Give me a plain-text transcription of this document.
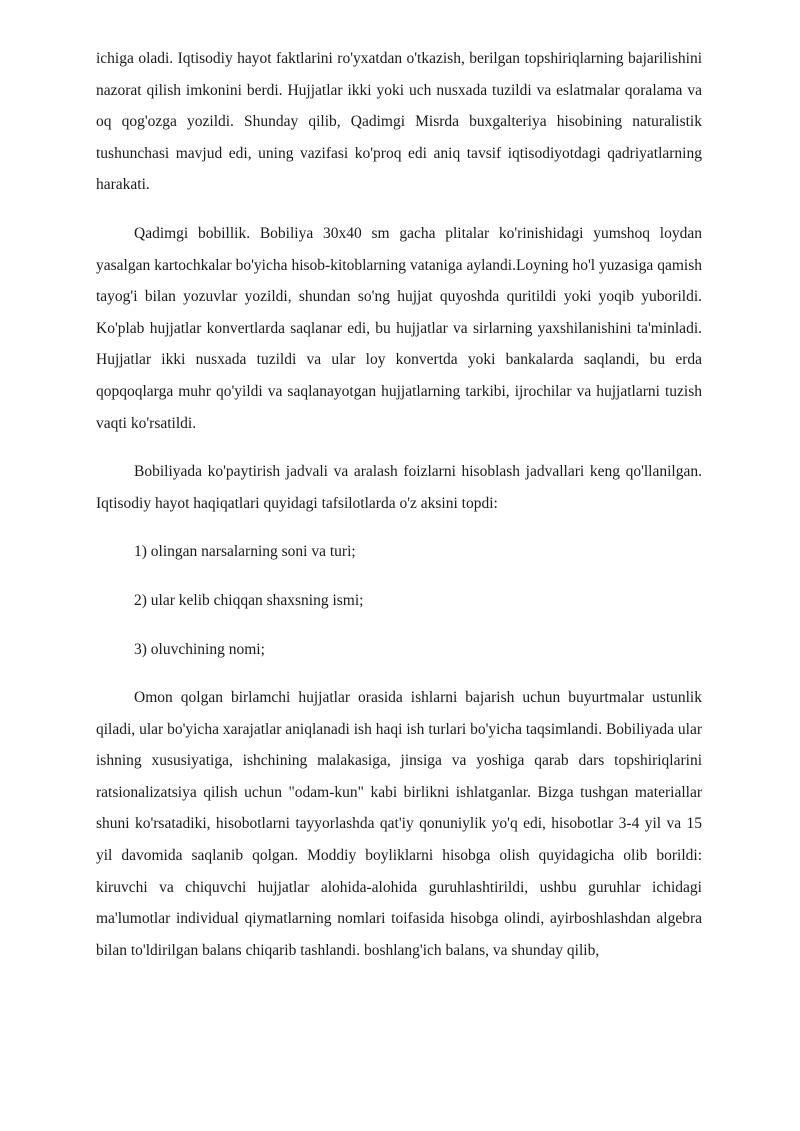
ichiga oladi. Iqtisodiy hayot faktlarini ro'yxatdan o'tkazish, berilgan topshiriqlarning bajarilishini nazorat qilish imkonini berdi. Hujjatlar ikki yoki uch nusxada tuzildi va eslatmalar qoralama va oq qog'ozga yozildi. Shunday qilib, Qadimgi Misrda buxgalteriya hisobining naturalistik tushunchasi mavjud edi, uning vazifasi ko'proq edi aniq tavsif iqtisodiyotdagi qadriyatlarning harakati.

Qadimgi bobillik. Bobiliya 30x40 sm gacha plitalar ko'rinishidagi yumshoq loydan yasalgan kartochkalar bo'yicha hisob-kitoblarning vataniga aylandi.Loyning ho'l yuzasiga qamish tayog'i bilan yozuvlar yozildi, shundan so'ng hujjat quyoshda quritildi yoki yoqib yuborildi. Ko'plab hujjatlar konvertlarda saqlanar edi, bu hujjatlar va sirlarning yaxshilanishini ta'minladi. Hujjatlar ikki nusxada tuzildi va ular loy konvertda yoki bankalarda saqlandi, bu erda qopqoqlarga muhr qo'yildi va saqlanayotgan hujjatlarning tarkibi, ijrochilar va hujjatlarni tuzish vaqti ko'rsatildi.

Bobiliyada ko'paytirish jadvali va aralash foizlarni hisoblash jadvallari keng qo'llanilgan. Iqtisodiy hayot haqiqatlari quyidagi tafsilotlarda o'z aksini topdi:

1) olingan narsalarning soni va turi;

2) ular kelib chiqqan shaxsning ismi;

3) oluvchining nomi;

Omon qolgan birlamchi hujjatlar orasida ishlarni bajarish uchun buyurtmalar ustunlik qiladi, ular bo'yicha xarajatlar aniqlanadi ish haqi ish turlari bo'yicha taqsimlandi. Bobiliyada ular ishning xususiyatiga, ishchining malakasiga, jinsiga va yoshiga qarab dars topshiriqlarini ratsionalizatsiya qilish uchun "odam-kun" kabi birlikni ishlatganlar. Bizga tushgan materiallar shuni ko'rsatadiki, hisobotlarni tayyorlashda qat'iy qonuniylik yo'q edi, hisobotlar 3-4 yil va 15 yil davomida saqlanib qolgan. Moddiy boyliklarni hisobga olish quyidagicha olib borildi: kiruvchi va chiquvchi hujjatlar alohida-alohida guruhlashtirildi, ushbu guruhlar ichidagi ma'lumotlar individual qiymatlarning nomlari toifasida hisobga olindi, ayirboshlashdan algebra bilan to'ldirilgan balans chiqarib tashlandi. boshlang'ich balans, va shunday qilib,
